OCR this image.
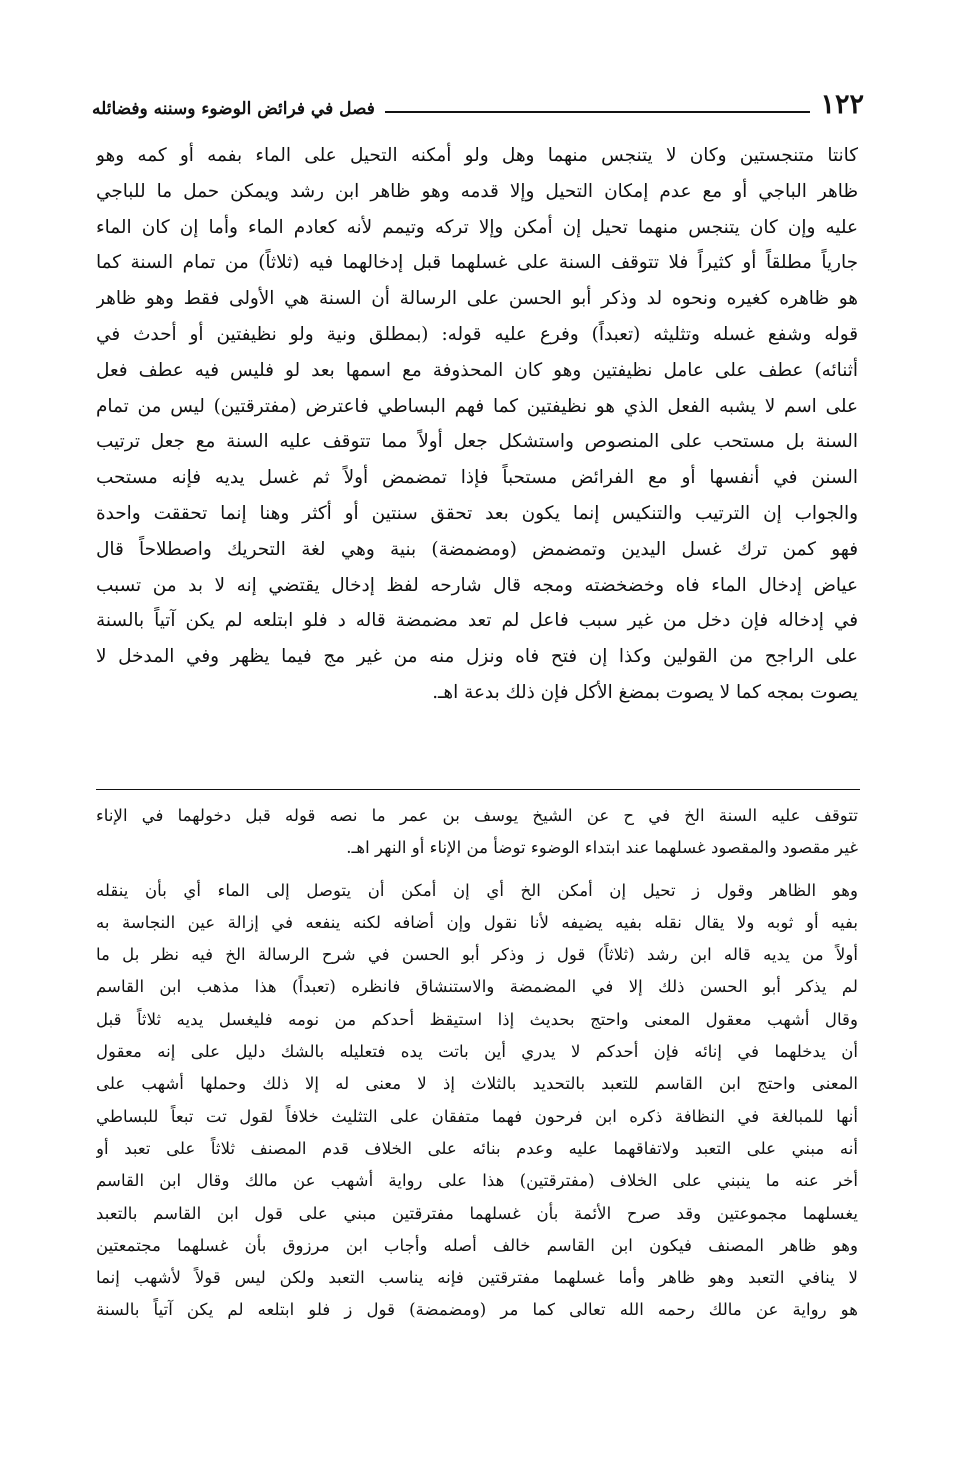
١٢٢
فصل في فرائض الوضوء وسننه وفضائله
كانتا متنجستين وكان لا يتنجس منهما وهل ولو أمكنه التحيل على الماء بفمه أو كمه وهو
ظاهر الباجي أو مع عدم إمكان التحيل وإلا قدمه وهو ظاهر ابن رشد ويمكن حمل ما للباجي
عليه وإن كان يتنجس منهما تحيل إن أمكن وإلا تركه وتيمم لأنه كعادم الماء وأما إن كان الماء
جارياً مطلقاً أو كثيراً فلا تتوقف السنة على غسلهما قبل إدخالهما فيه (ثلاثاً) من تمام السنة كما
هو ظاهره كغيره ونحوه لد وذكر أبو الحسن على الرسالة أن السنة هي الأولى فقط وهو ظاهر
قوله وشفع غسله وتثليثه (تعبداً) وفرع عليه قوله: (بمطلق ونية ولو نظيفتين أو أحدث في
أثنائه) عطف على عامل نظيفتين وهو كان المحذوفة مع اسمها بعد لو فليس فيه عطف فعل
على اسم لا يشبه الفعل الذي هو نظيفتين كما فهم البساطي فاعترض (مفترقتين) ليس من تمام
السنة بل مستحب على المنصوص واستشكل جعل أولاً مما تتوقف عليه السنة مع جعل ترتيب
السنن في أنفسها أو مع الفرائض مستحباً فإذا تمضمض أولاً ثم غسل يديه فإنه مستحب
والجواب إن الترتيب والتنكيس إنما يكون بعد تحقق سنتين أو أكثر وهنا إنما تحققت واحدة
فهو كمن ترك غسل اليدين وتمضمض (ومضمضة) بنية وهي لغة التحريك واصطلاحاً قال
عياض إدخال الماء فاه وخضخضته ومجه قال شارحه لفظ إدخال يقتضي إنه لا بد من تسبب
في إدخاله فإن دخل من غير سبب فاعل لم تعد مضمضة قاله د فلو ابتلعه لم يكن آتياً بالسنة
على الراجح من القولين وكذا إن فتح فاه ونزل منه من غير مج فيما يظهر وفي المدخل لا
يصوت بمجه كما لا يصوت بمضغ الأكل فإن ذلك بدعة اهـ.
تتوقف عليه السنة الخ في ح عن الشيخ يوسف بن عمر ما نصه قوله قبل دخولهما في الإناء
غير مقصود والمقصود غسلهما عند ابتداء الوضوء توضأ من الإناء أو النهر اهـ.
وهو الظاهر وقول ز تحيل إن أمكن الخ أي إن أمكن أن يتوصل إلى الماء أي بأن ينقله
بفيه أو ثوبه ولا يقال نقله بفيه يضيفه لأنا نقول وإن أضافه لكنه ينفعه في إزالة عين النجاسة به
أولاً من يديه قاله ابن رشد (ثلاثاً) قول ز وذكر أبو الحسن في شرح الرسالة الخ فيه نظر بل ما
لم يذكر أبو الحسن ذلك إلا في المضمضة والاستنشاق فانظره (تعبداً) هذا مذهب ابن القاسم
وقال أشهب معقول المعنى واحتج بحديث إذا استيقظ أحدكم من نومه فليغسل يديه ثلاثاً قبل
أن يدخلهما في إنائه فإن أحدكم لا يدري أين باتت يده فتعليله بالشك دليل على إنه معقول
المعنى واحتج ابن القاسم للتعبد بالتحديد بالثلاث إذ لا معنى له إلا ذلك وحملها أشهب على
أنها للمبالغة في النظافة ذكره ابن فرحون فهما متفقان على التثليث خلافاً لقول تت تبعاً للبساطي
أنه مبني على التعبد ولاتفاقهما عليه وعدم بنائه على الخلاف قدم المصنف ثلاثاً على تعبد أو
أخر عنه ما ينبني على الخلاف (مفترقتين) هذا على رواية أشهب عن مالك وقال ابن القاسم
يغسلهما مجموعتين وقد صرح الأئمة بأن غسلهما مفترقتين مبني على قول ابن القاسم بالتعبد
وهو ظاهر المصنف فيكون ابن القاسم خالف أصله وأجاب ابن مرزوق بأن غسلهما مجتمعتين
لا ينافي التعبد وهو ظاهر وأما غسلهما مفترقتين فإنه يناسب التعبد ولكن ليس قولاً لأشهب إنما
هو رواية عن مالك رحمه الله تعالى كما مر (ومضمضة) قول ز فلو ابتلعه لم يكن آتياً بالسنة
